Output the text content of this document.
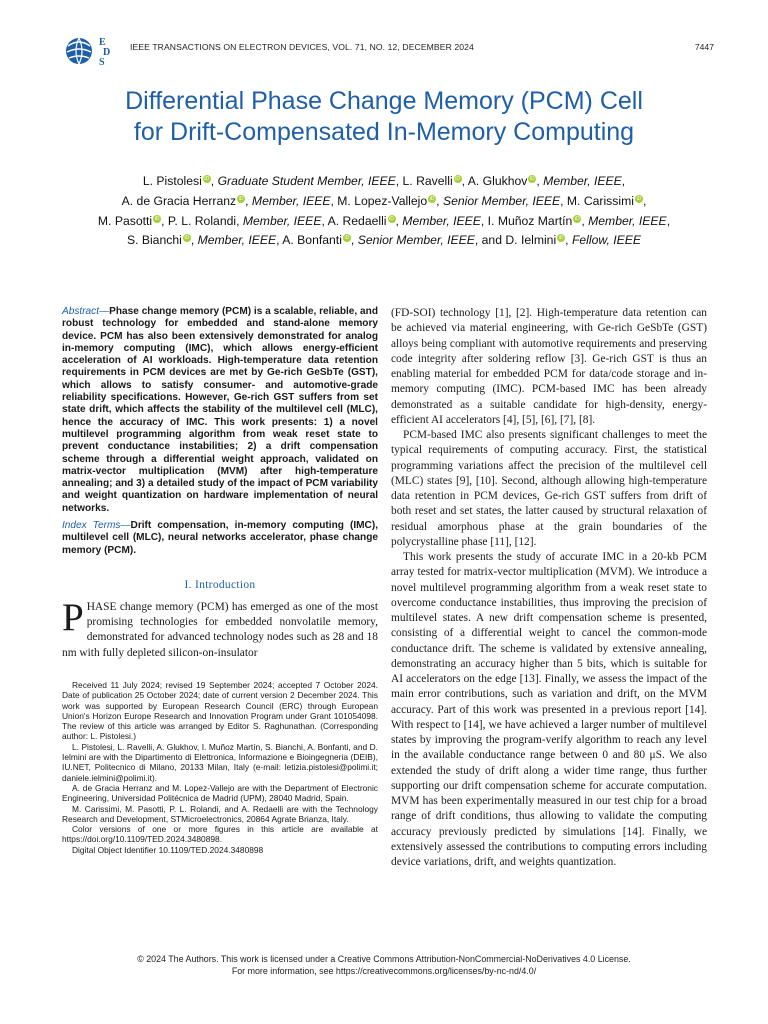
E
D
S
IEEE TRANSACTIONS ON ELECTRON DEVICES, VOL. 71, NO. 12, DECEMBER 2024	7447
Differential Phase Change Memory (PCM) Cell
for Drift-Compensated In-Memory Computing
L. Pistolesi iD , Graduate Student Member, IEEE, L. Ravelli iD , A. Glukhov iD , Member, IEEE,
A. de Gracia Herranz iD , Member, IEEE, M. Lopez-Vallejo iD , Senior Member, IEEE, M. Carissimi iD ,
M. Pasotti iD , P. L. Rolandi, Member, IEEE, A. Redaelli iD , Member, IEEE, I. Muñoz Martín iD , Member, IEEE,
S. Bianchi iD , Member, IEEE, A. Bonfanti iD , Senior Member, IEEE, and D. Ielmini iD , Fellow, IEEE
Abstract—Phase change memory (PCM) is a scalable, reliable, and robust technology for embedded and stand-alone memory device. PCM has also been extensively demonstrated for analog in-memory computing (IMC), which allows energy-efficient acceleration of AI workloads. High-temperature data retention requirements in PCM devices are met by Ge-rich GeSbTe (GST), which allows to satisfy consumer- and automotive-grade reliability specifications. However, Ge-rich GST suffers from set state drift, which affects the stability of the multilevel cell (MLC), hence the accuracy of IMC. This work presents: 1) a novel multilevel programming algorithm from weak reset state to prevent conductance instabilities; 2) a drift compensation scheme through a differential weight approach, validated on matrix-vector multiplication (MVM) after high-temperature annealing; and 3) a detailed study of the impact of PCM variability and weight quantization on hardware implementation of neural networks.
Index Terms—Drift compensation, in-memory computing (IMC), multilevel cell (MLC), neural networks accelerator, phase change memory (PCM).
I. Introduction
PHASE change memory (PCM) has emerged as one of the most promising technologies for embedded nonvolatile memory, demonstrated for advanced technology nodes such as 28 and 18 nm with fully depleted silicon-on-insulator

Received 11 July 2024; revised 19 September 2024; accepted 7 October 2024. Date of publication 25 October 2024; date of current version 2 December 2024. This work was supported by European Research Council (ERC) through European Union's Horizon Europe Research and Innovation Program under Grant 101054098. The review of this article was arranged by Editor S. Raghunathan. (Corresponding author: L. Pistolesi.)

L. Pistolesi, L. Ravelli, A. Glukhov, I. Muñoz Martín, S. Bianchi, A. Bonfanti, and D. Ielmini are with the Dipartimento di Elettronica, Informazione e Bioingegneria (DEIB), IU.NET, Politecnico di Milano, 20133 Milan, Italy (e-mail: letizia.pistolesi@polimi.it; daniele.ielmini@polimi.it).

A. de Gracia Herranz and M. Lopez-Vallejo are with the Department of Electronic Engineering, Universidad Politécnica de Madrid (UPM), 28040 Madrid, Spain.

M. Carissimi, M. Pasotti, P. L. Rolandi, and A. Redaelli are with the Technology Research and Development, STMicroelectronics, 20864 Agrate Brianza, Italy.

Color versions of one or more figures in this article are available at https://doi.org/10.1109/TED.2024.3480898.

Digital Object Identifier 10.1109/TED.2024.3480898

(FD-SOI) technology [1], [2]. High-temperature data retention can be achieved via material engineering, with Ge-rich GeSbTe (GST) alloys being compliant with automotive requirements and preserving code integrity after soldering reflow [3]. Ge-rich GST is thus an enabling material for embedded PCM for data/code storage and in-memory computing (IMC). PCM-based IMC has been already demonstrated as a suitable candidate for high-density, energy-efficient AI accelerators [4], [5], [6], [7], [8].

PCM-based IMC also presents significant challenges to meet the typical requirements of computing accuracy. First, the statistical programming variations affect the precision of the multilevel cell (MLC) states [9], [10]. Second, although allowing high-temperature data retention in PCM devices, Ge-rich GST suffers from drift of both reset and set states, the latter caused by structural relaxation of residual amorphous phase at the grain boundaries of the polycrystalline phase [11], [12].

This work presents the study of accurate IMC in a 20-kb PCM array tested for matrix-vector multiplication (MVM). We introduce a novel multilevel programming algorithm from a weak reset state to overcome conductance instabilities, thus improving the precision of multilevel states. A new drift compensation scheme is presented, consisting of a differential weight to cancel the common-mode conductance drift. The scheme is validated by extensive annealing, demonstrating an accuracy higher than 5 bits, which is suitable for AI accelerators on the edge [13]. Finally, we assess the impact of the main error contributions, such as variation and drift, on the MVM accuracy. Part of this work was presented in a previous report [14]. With respect to [14], we have achieved a larger number of multilevel states by improving the program-verify algorithm to reach any level in the available conductance range between 0 and 80 μS. We also extended the study of drift along a wider time range, thus further supporting our drift compensation scheme for accurate computation. MVM has been experimentally measured in our test chip for a broad range of drift conditions, thus allowing to validate the computing accuracy previously predicted by simulations [14]. Finally, we extensively assessed the contributions to computing errors including device variations, drift, and weights quantization.

© 2024 The Authors. This work is licensed under a Creative Commons Attribution-NonCommercial-NoDerivatives 4.0 License.
For more information, see https://creativecommons.org/licenses/by-nc-nd/4.0/
